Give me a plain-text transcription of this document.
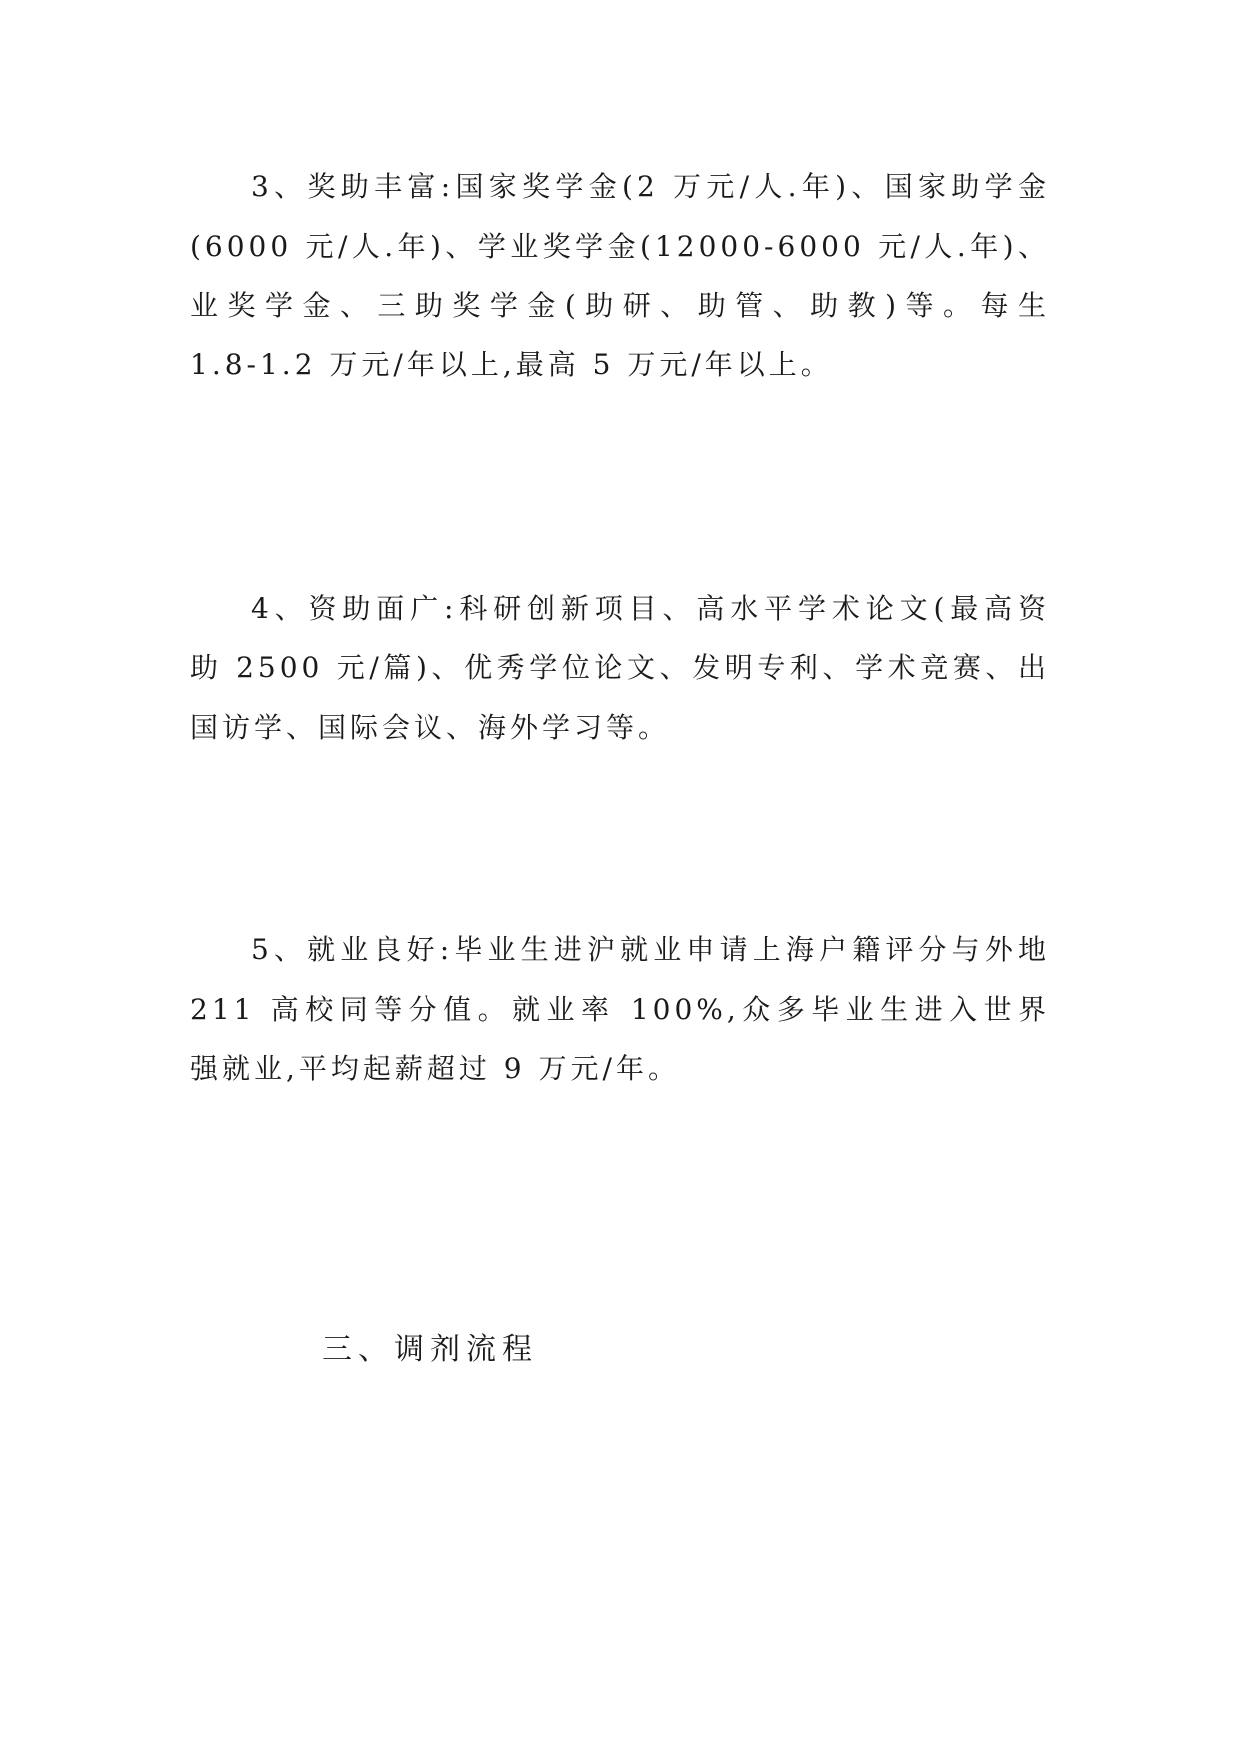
3、奖助丰富:国家奖学金(2 万元/人.年)、国家助学金
(6000 元/人.年)、学业奖学金(12000-6000 元/人.年)、
业奖学金、三助奖学金(助研、助管、助教)等。每生
1.8-1.2 万元/年以上,最高 5 万元/年以上。
4、资助面广:科研创新项目、高水平学术论文(最高资
助 2500 元/篇)、优秀学位论文、发明专利、学术竞赛、出
国访学、国际会议、海外学习等。
5、就业良好:毕业生进沪就业申请上海户籍评分与外地
211 高校同等分值。就业率 100%,众多毕业生进入世界
强就业,平均起薪超过 9 万元/年。
三、调剂流程
